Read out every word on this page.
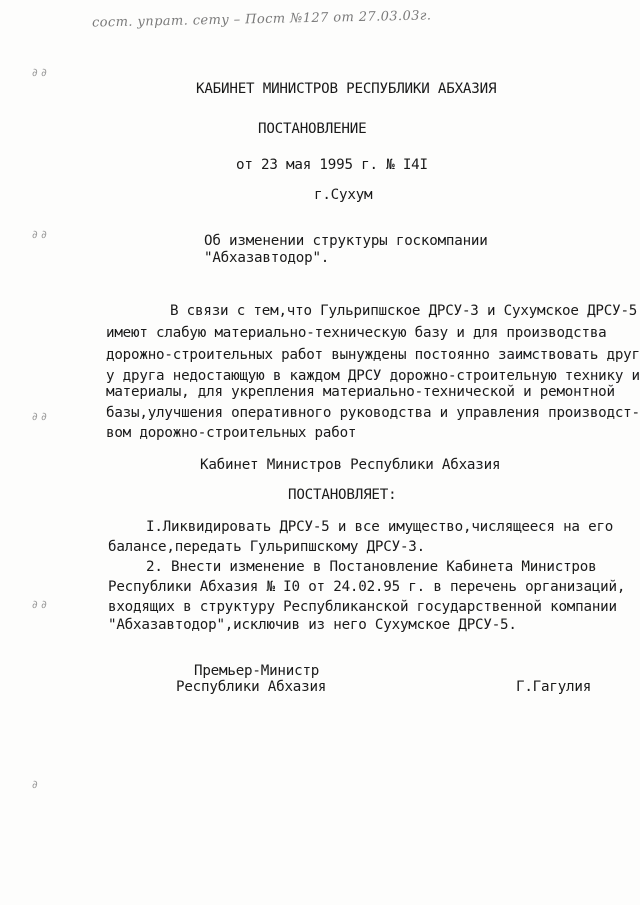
сост. упрат. сету – Пост №127 от 27.03.03г.
∂ ∂
∂ ∂
∂ ∂
∂ ∂
∂
КАБИНЕТ МИНИСТРОВ РЕСПУБЛИКИ АБХАЗИЯ
ПОСТАНОВЛЕНИЕ
от 23 мая 1995 г. № I4I
г.Сухум
Об изменении структуры госкомпании
"Абхазавтодор".
В связи с тем,что Гульрипшское ДРСУ-3 и Сухумское ДРСУ-5
имеют слабую материально-техническую базу и для производства
дорожно-строительных работ вынуждены постоянно заимствовать друг
у друга недостающую в каждом ДРСУ дорожно-строительную технику и
материалы, для укрепления материально-технической и ремонтной
базы,улучшения оперативного руководства и управления производст-
вом дорожно-строительных работ
Кабинет Министров Республики Абхазия
ПОСТАНОВЛЯЕТ:
I.Ликвидировать ДРСУ-5 и все имущество,числящееся на его
балансе,передать Гульрипшскому ДРСУ-3.
2. Внести изменение в Постановление Кабинета Министров
Республики Абхазия № I0 от 24.02.95 г. в перечень организаций,
входящих в структуру Республиканской государственной компании
"Абхазавтодор",исключив из него Сухумское ДРСУ-5.
Премьер-Министр
Республики Абхазия	Г.Гагулия
